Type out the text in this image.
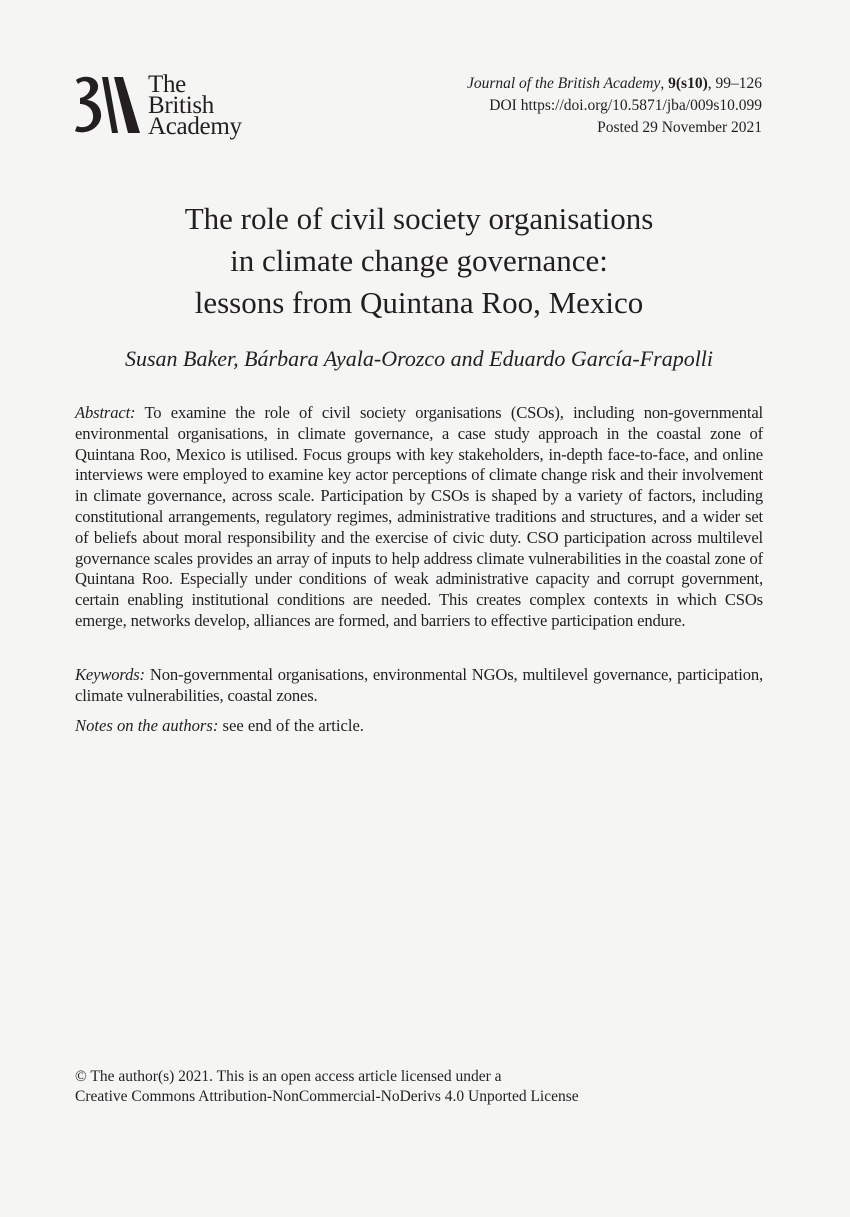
The
British
Academy
Journal of the British Academy, 9(s10), 99–126
DOI https://doi.org/10.5871/jba/009s10.099
Posted 29 November 2021
The role of civil society organisations
in climate change governance:
lessons from Quintana Roo, Mexico
Susan Baker, Bárbara Ayala-Orozco and Eduardo García-Frapolli

Abstract: To examine the role of civil society organisations (CSOs), including non-governmental environmental organisations, in climate governance, a case study approach in the coastal zone of Quintana Roo, Mexico is utilised. Focus groups with key stakeholders, in-depth face-to-face, and online interviews were employed to examine key actor perceptions of climate change risk and their involvement in climate governance, across scale. Participation by CSOs is shaped by a variety of factors, including constitutional arrangements, regulatory regimes, administrative traditions and structures, and a wider set of beliefs about moral responsibility and the exercise of civic duty. CSO participation across multilevel governance scales provides an array of inputs to help address climate vulnerabilities in the coastal zone of Quintana Roo. Especially under conditions of weak administrative capacity and corrupt government, certain enabling institutional conditions are needed. This creates complex contexts in which CSOs emerge, networks develop, alliances are formed, and barriers to effective participation endure.

Keywords: Non-governmental organisations, environmental NGOs, multilevel governance, participation, climate vulnerabilities, coastal zones.

Notes on the authors: see end of the article.

© The author(s) 2021. This is an open access article licensed under a
Creative Commons Attribution-NonCommercial-NoDerivs 4.0 Unported License
